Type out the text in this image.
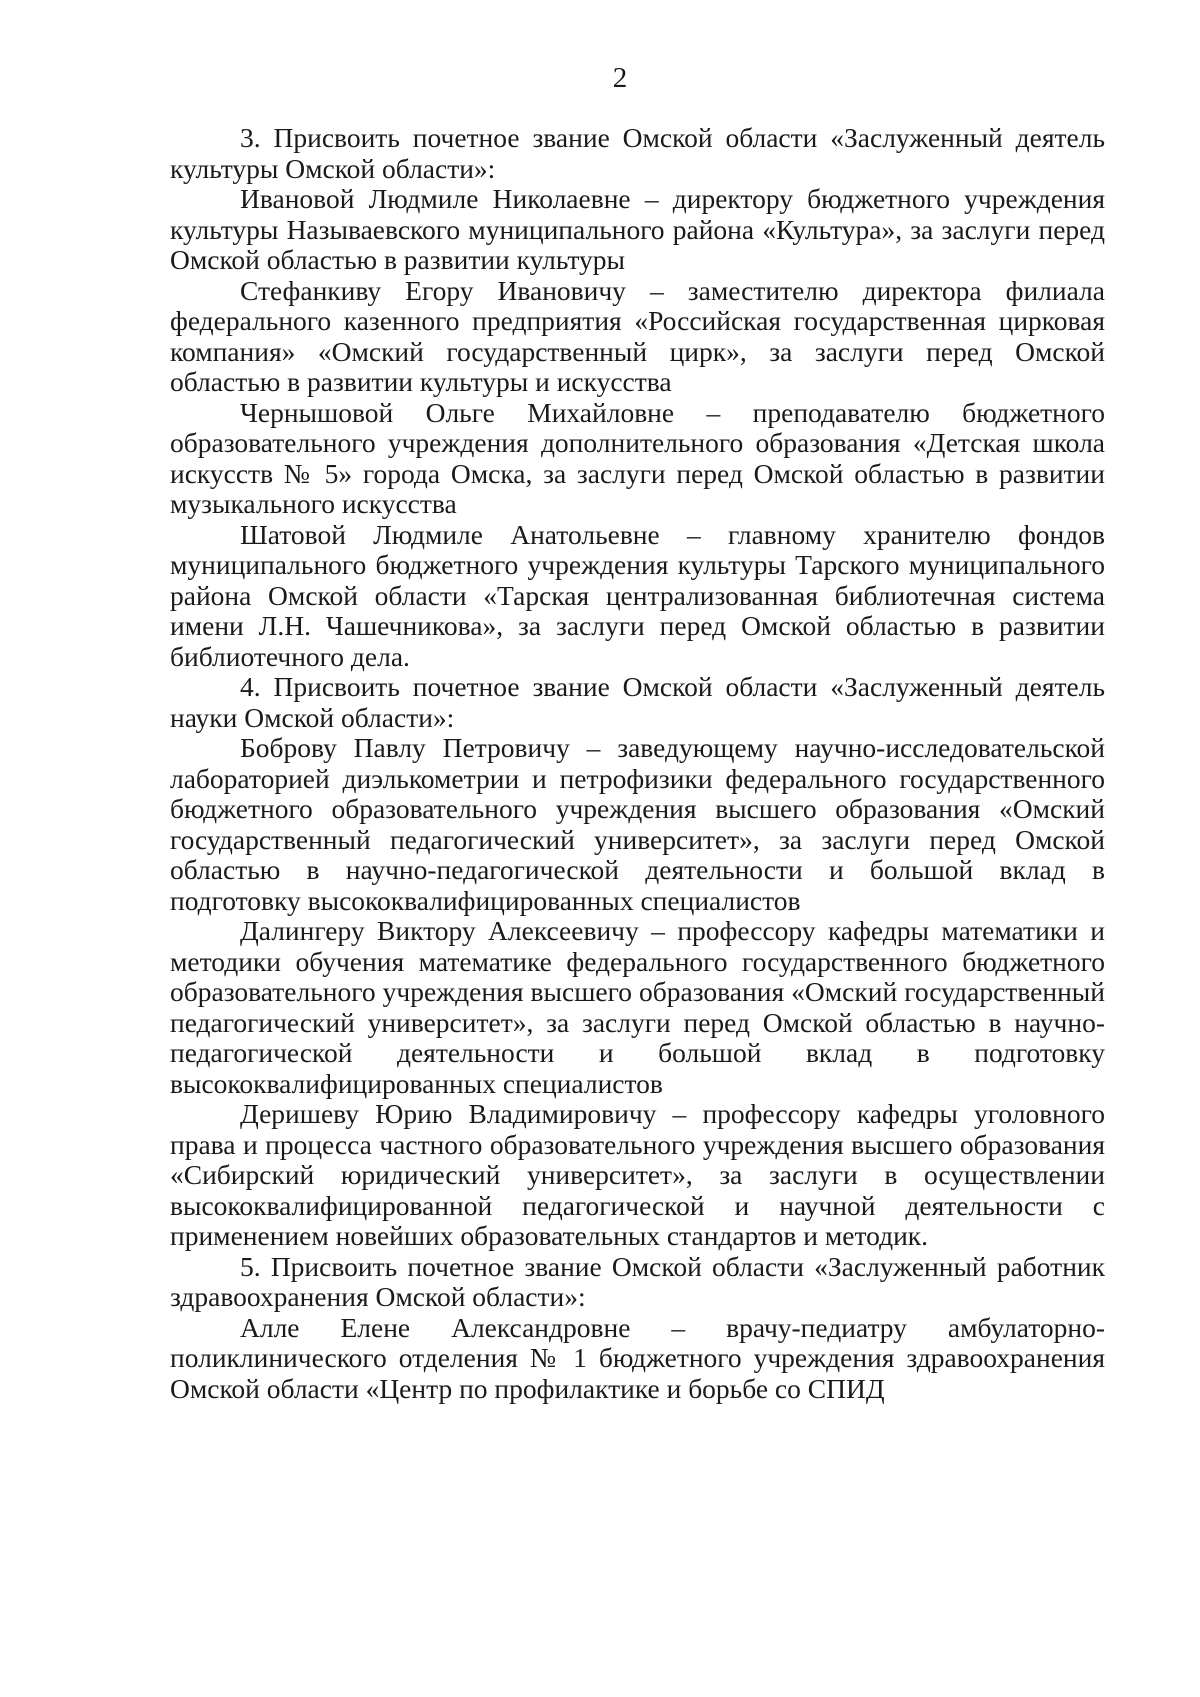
2

3. Присвоить почетное звание Омской области «Заслуженный деятель культуры Омской области»:

Ивановой Людмиле Николаевне – директору бюджетного учреждения культуры Называевского муниципального района «Культура», за заслуги перед Омской областью в развитии культуры

Стефанкиву Егору Ивановичу – заместителю директора филиала федерального казенного предприятия «Российская государственная цирковая компания» «Омский государственный цирк», за заслуги перед Омской областью в развитии культуры и искусства

Чернышовой Ольге Михайловне – преподавателю бюджетного образовательного учреждения дополнительного образования «Детская школа искусств № 5» города Омска, за заслуги перед Омской областью в развитии музыкального искусства

Шатовой Людмиле Анатольевне – главному хранителю фондов муниципального бюджетного учреждения культуры Тарского муниципального района Омской области «Тарская централизованная библиотечная система имени Л.Н. Чашечникова», за заслуги перед Омской областью в развитии библиотечного дела.

4. Присвоить почетное звание Омской области «Заслуженный деятель науки Омской области»:

Боброву Павлу Петровичу – заведующему научно-исследовательской лабораторией диэлькометрии и петрофизики федерального государственного бюджетного образовательного учреждения высшего образования «Омский государственный педагогический университет», за заслуги перед Омской областью в научно-педагогической деятельности и большой вклад в подготовку высококвалифицированных специалистов

Далингеру Виктору Алексеевичу – профессору кафедры математики и методики обучения математике федерального государственного бюджетного образовательного учреждения высшего образования «Омский государственный педагогический университет», за заслуги перед Омской областью в научно-педагогической деятельности и большой вклад в подготовку высококвалифицированных специалистов

Деришеву Юрию Владимировичу – профессору кафедры уголовного права и процесса частного образовательного учреждения высшего образования «Сибирский юридический университет», за заслуги в осуществлении высококвалифицированной педагогической и научной деятельности с применением новейших образовательных стандартов и методик.

5. Присвоить почетное звание Омской области «Заслуженный работник здравоохранения Омской области»:

Алле Елене Александровне – врачу-педиатру амбулаторно-поликлинического отделения № 1 бюджетного учреждения здравоохранения Омской области «Центр по профилактике и борьбе со СПИД
